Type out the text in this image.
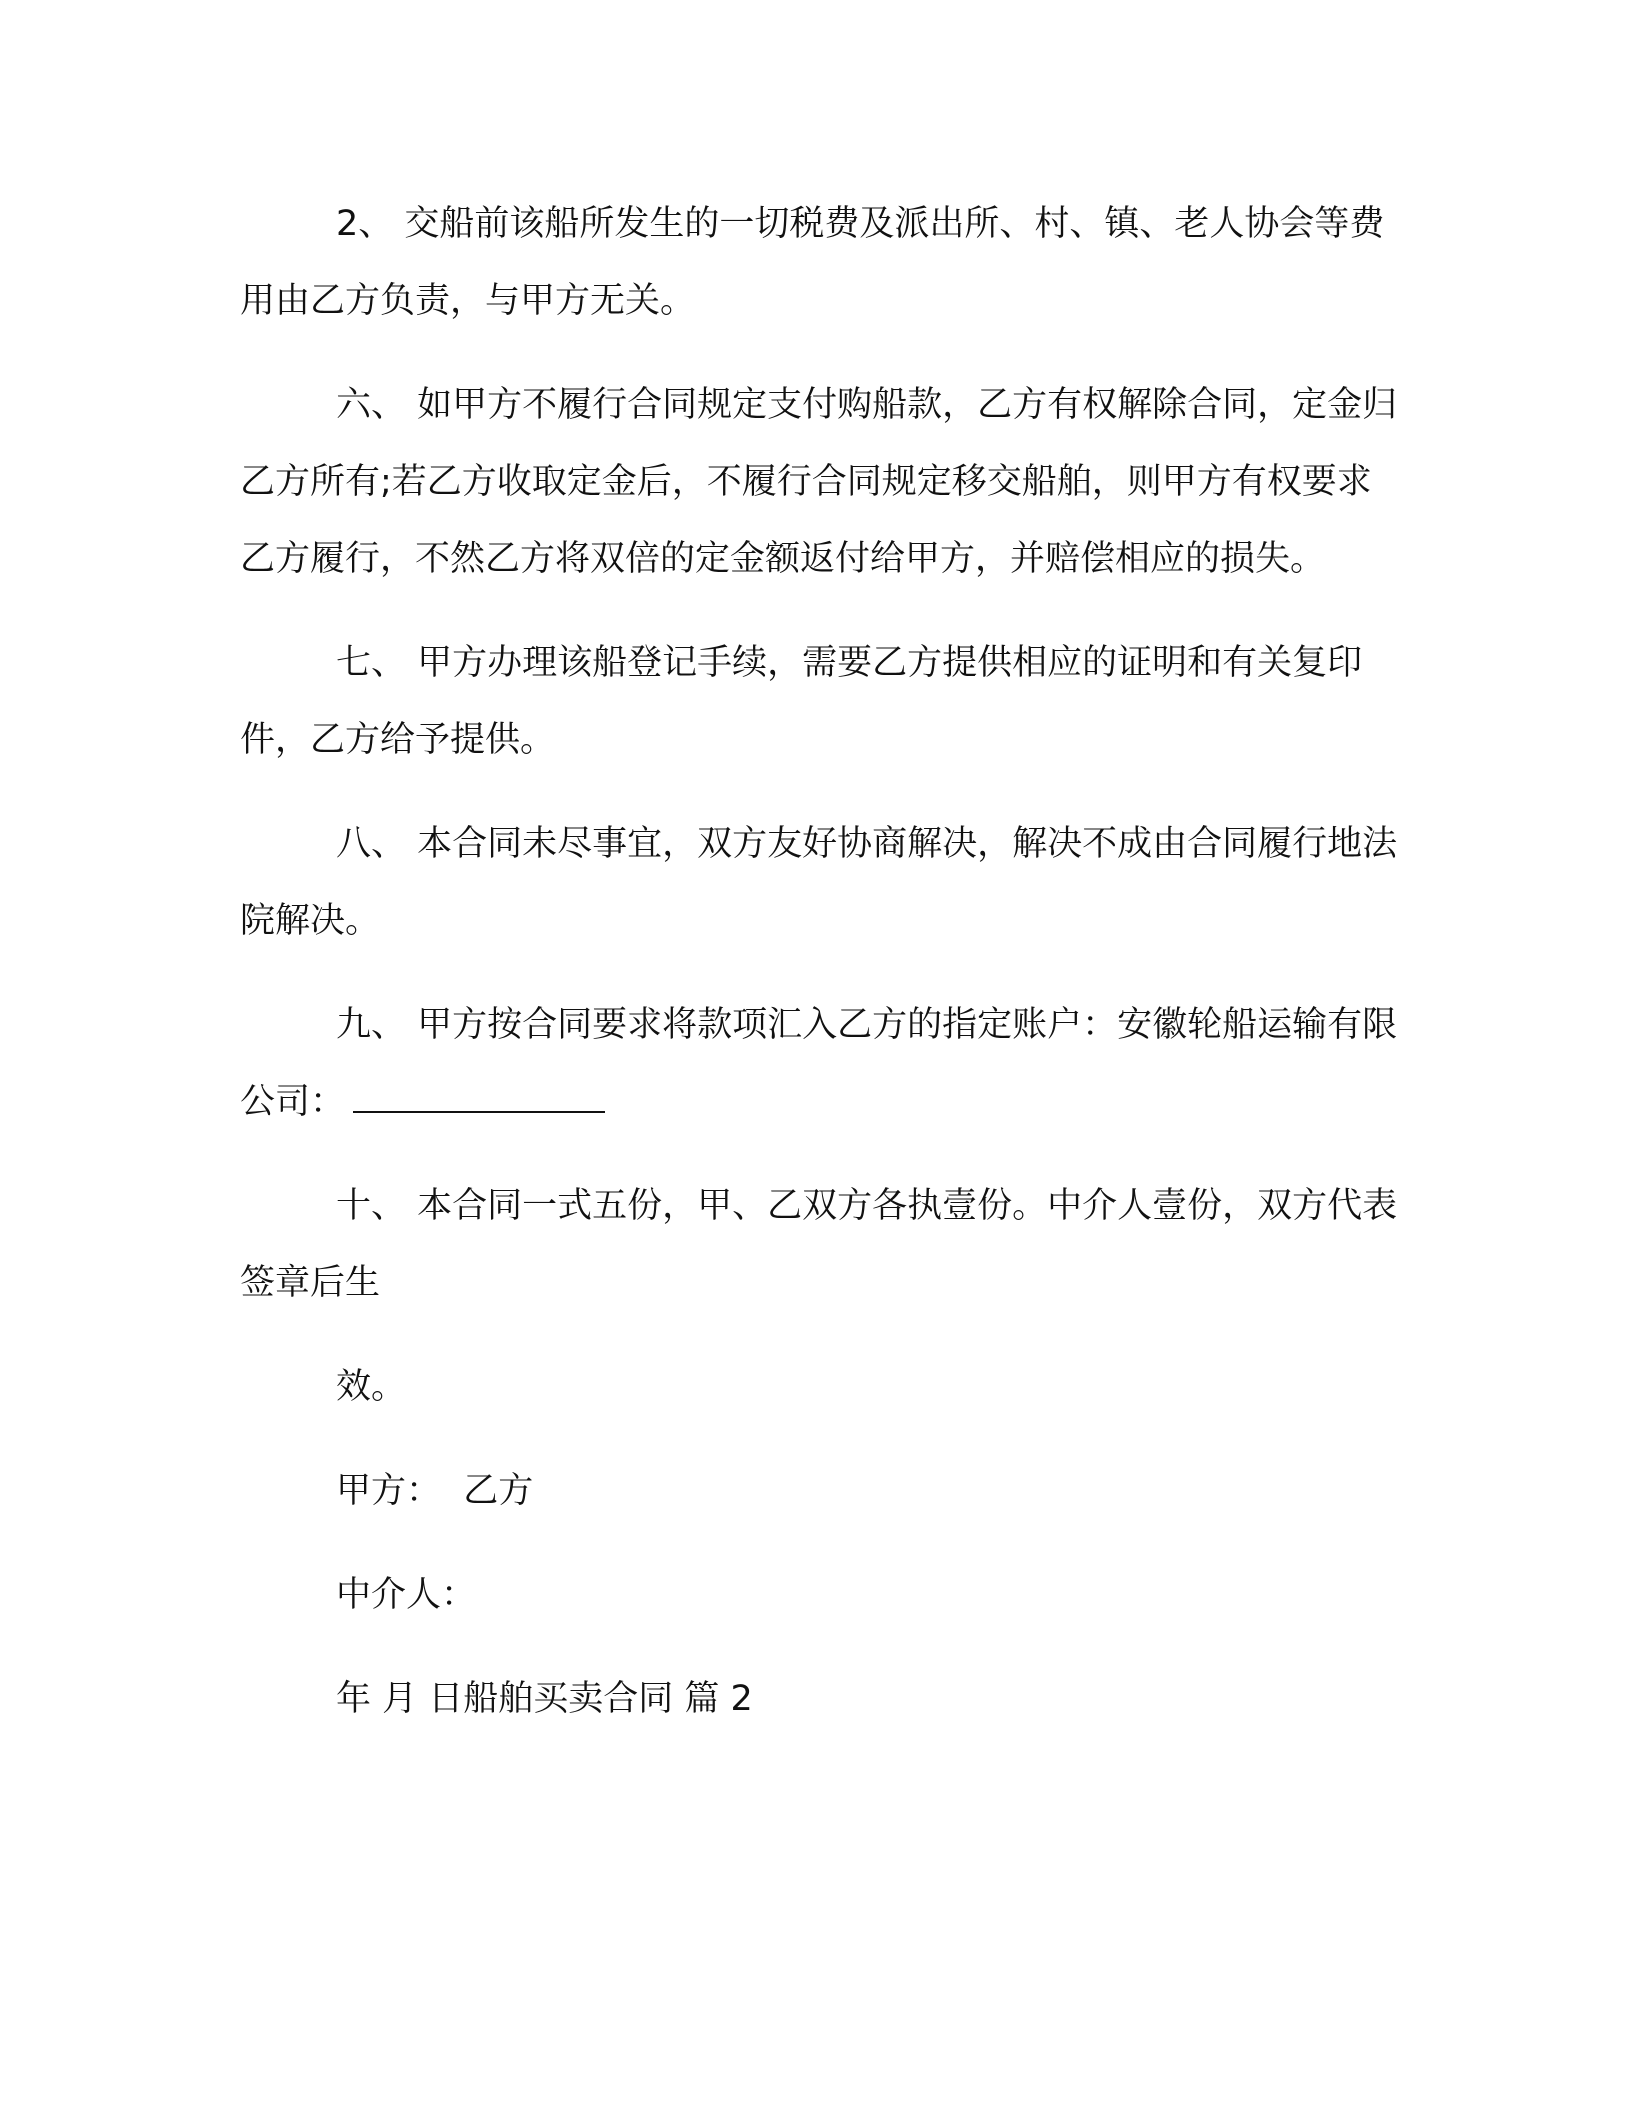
2、 交船前该船所发生的一切税费及派出所、村、镇、老人协会等费用由乙方负责，与甲方无关。

六、 如甲方不履行合同规定支付购船款，乙方有权解除合同，定金归乙方所有;若乙方收取定金后，不履行合同规定移交船舶，则甲方有权要求乙方履行，不然乙方将双倍的定金额返付给甲方，并赔偿相应的损失。

七、 甲方办理该船登记手续，需要乙方提供相应的证明和有关复印件，乙方给予提供。

八、 本合同未尽事宜，双方友好协商解决，解决不成由合同履行地法院解决。

九、 甲方按合同要求将款项汇入乙方的指定账户：安徽轮船运输有限公司：

十、 本合同一式五份，甲、乙双方各执壹份。中介人壹份，双方代表签章后生

效。

甲方：  乙方

中介人：

年 月 日船舶买卖合同 篇 2
